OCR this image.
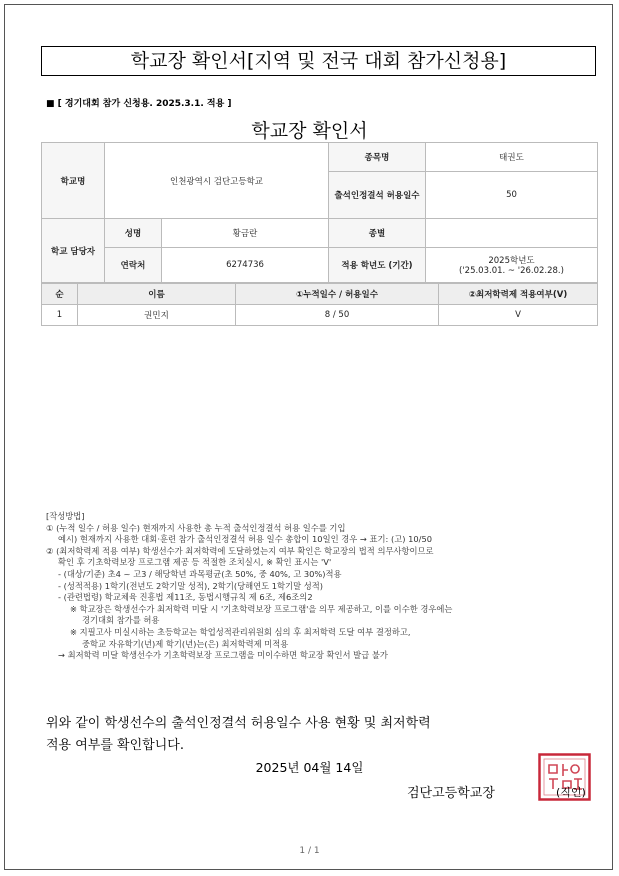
학교장 확인서[지역 및 전국 대회 참가신청용]
■ [ 경기대회 참가 신청용. 2025.3.1. 적용 ]
학교장 확인서
학교명	인천광역시 검단고등학교		종목명	태권도
			출석인정결석 허용일수	50
학교 담당자	성명	황금란	종별	
	연락처	6274736	적용 학년도 (기간)	2025학년도
('25.03.01. ~ '26.02.28.)
순	이름	①누적일수 / 허용일수	②최저학력제 적용여부(V)
1	권민지	8 / 50	V
[작성방법]
① (누적 일수 / 허용 일수) 현재까지 사용한 총 누적 출석인정결석 허용 일수를 기입
예시) 현재까지 사용한 대회·훈련 참가 출석인정결석 허용 일수 총합이 10일인 경우 → 표기: (고) 10/50
② (최저학력제 적용 여부) 학생선수가 최저학력에 도달하였는지 여부 확인은 학교장의 법적 의무사항이므로
확인 후 기초학력보장 프로그램 제공 등 적절한 조치실시, ※ 확인 표시는 'V'
- (대상/기준) 초4 ~ 고3 / 해당학년 과목평균(초 50%, 중 40%, 고 30%)적용
- (성적적용) 1학기(전년도 2학기말 성적), 2학기(당해연도 1학기말 성적)
- (관련법령) 학교체육 진흥법 제11조, 동법시행규칙 제 6조, 제6조의2
※ 학교장은 학생선수가 최저학력 미달 시 '기초학력보장 프로그램'을 의무 제공하고, 이를 이수한 경우에는
경기대회 참가를 허용
※ 지필고사 미실시하는 초등학교는 학업성적관리위원회 심의 후 최저학력 도달 여부 결정하고,
중학교 자유학기(년)제 학기(년)는(은) 최저학력제 미적용
→ 최저학력 미달 학생선수가 기초학력보장 프로그램을 미이수하면 학교장 확인서 발급 불가
위와 같이 학생선수의 출석인정결석 허용일수 사용 현황 및 최저학력
적용 여부를 확인합니다.
2025년 04월 14일
검단고등학교장	(직인)
1 / 1
